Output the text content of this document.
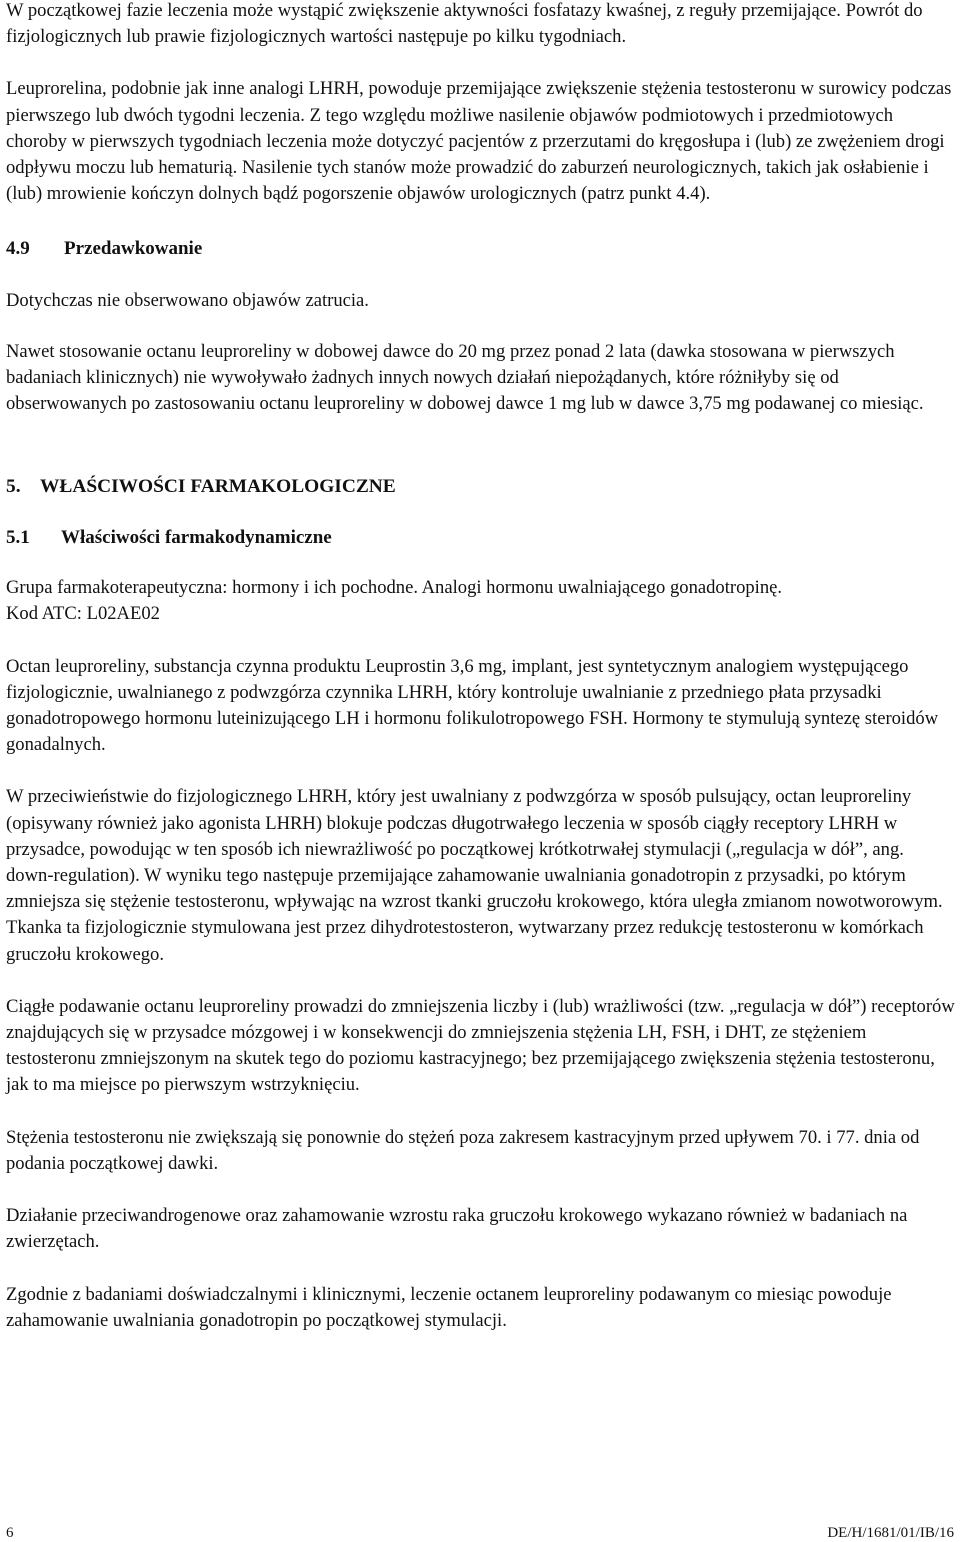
W początkowej fazie leczenia może wystąpić zwiększenie aktywności fosfatazy kwaśnej, z reguły przemijające. Powrót do fizjologicznych lub prawie fizjologicznych wartości następuje po kilku tygodniach.

Leuprorelina, podobnie jak inne analogi LHRH, powoduje przemijające zwiększenie stężenia testosteronu w surowicy podczas pierwszego lub dwóch tygodni leczenia. Z tego względu możliwe nasilenie objawów podmiotowych i przedmiotowych choroby w pierwszych tygodniach leczenia może dotyczyć pacjentów z przerzutami do kręgosłupa i (lub) ze zwężeniem drogi odpływu moczu lub hematurią. Nasilenie tych stanów może prowadzić do zaburzeń neurologicznych, takich jak osłabienie i (lub) mrowienie kończyn dolnych bądź pogorszenie objawów urologicznych (patrz punkt 4.4).

4.9	Przedawkowanie

Dotychczas nie obserwowano objawów zatrucia.

Nawet stosowanie octanu leuproreliny w dobowej dawce do 20 mg przez ponad 2 lata (dawka stosowana w pierwszych badaniach klinicznych) nie wywoływało żadnych innych nowych działań niepożądanych, które różniłyby się od obserwowanych po zastosowaniu octanu leuproreliny w dobowej dawce 1 mg lub w dawce 3,75 mg podawanej co miesiąc.

5.	WŁAŚCIWOŚCI FARMAKOLOGICZNE
5.1	Właściwości farmakodynamiczne

Grupa farmakoterapeutyczna: hormony i ich pochodne. Analogi hormonu uwalniającego gonadotropinę.

Kod ATC: L02AE02

Octan leuproreliny, substancja czynna produktu Leuprostin 3,6 mg, implant, jest syntetycznym analogiem występującego fizjologicznie, uwalnianego z podwzgórza czynnika LHRH, który kontroluje uwalnianie z przedniego płata przysadki gonadotropowego hormonu luteinizującego LH i hormonu folikulotropowego FSH. Hormony te stymulują syntezę steroidów gonadalnych.

W przeciwieństwie do fizjologicznego LHRH, który jest uwalniany z podwzgórza w sposób pulsujący, octan leuproreliny (opisywany również jako agonista LHRH) blokuje podczas długotrwałego leczenia w sposób ciągły receptory LHRH w przysadce, powodując w ten sposób ich niewrażliwość po początkowej krótkotrwałej stymulacji („regulacja w dół”, ang. down-regulation). W wyniku tego następuje przemijające zahamowanie uwalniania gonadotropin z przysadki, po którym zmniejsza się stężenie testosteronu, wpływając na wzrost tkanki gruczołu krokowego, która uległa zmianom nowotworowym. Tkanka ta fizjologicznie stymulowana jest przez dihydrotestosteron, wytwarzany przez redukcję testosteronu w komórkach gruczołu krokowego.

Ciągłe podawanie octanu leuproreliny prowadzi do zmniejszenia liczby i (lub) wrażliwości (tzw. „regulacja w dół”) receptorów znajdujących się w przysadce mózgowej i w konsekwencji do zmniejszenia stężenia LH, FSH, i DHT, ze stężeniem testosteronu zmniejszonym na skutek tego do poziomu kastracyjnego; bez przemijającego zwiększenia stężenia testosteronu, jak to ma miejsce po pierwszym wstrzyknięciu.

Stężenia testosteronu nie zwiększają się ponownie do stężeń poza zakresem kastracyjnym przed upływem 70. i 77. dnia od podania początkowej dawki.

Działanie przeciwandrogenowe oraz zahamowanie wzrostu raka gruczołu krokowego wykazano również w badaniach na zwierzętach.

Zgodnie z badaniami doświadczalnymi i klinicznymi, leczenie octanem leuproreliny podawanym co miesiąc powoduje zahamowanie uwalniania gonadotropin po początkowej stymulacji.

6	DE/H/1681/01/IB/16
